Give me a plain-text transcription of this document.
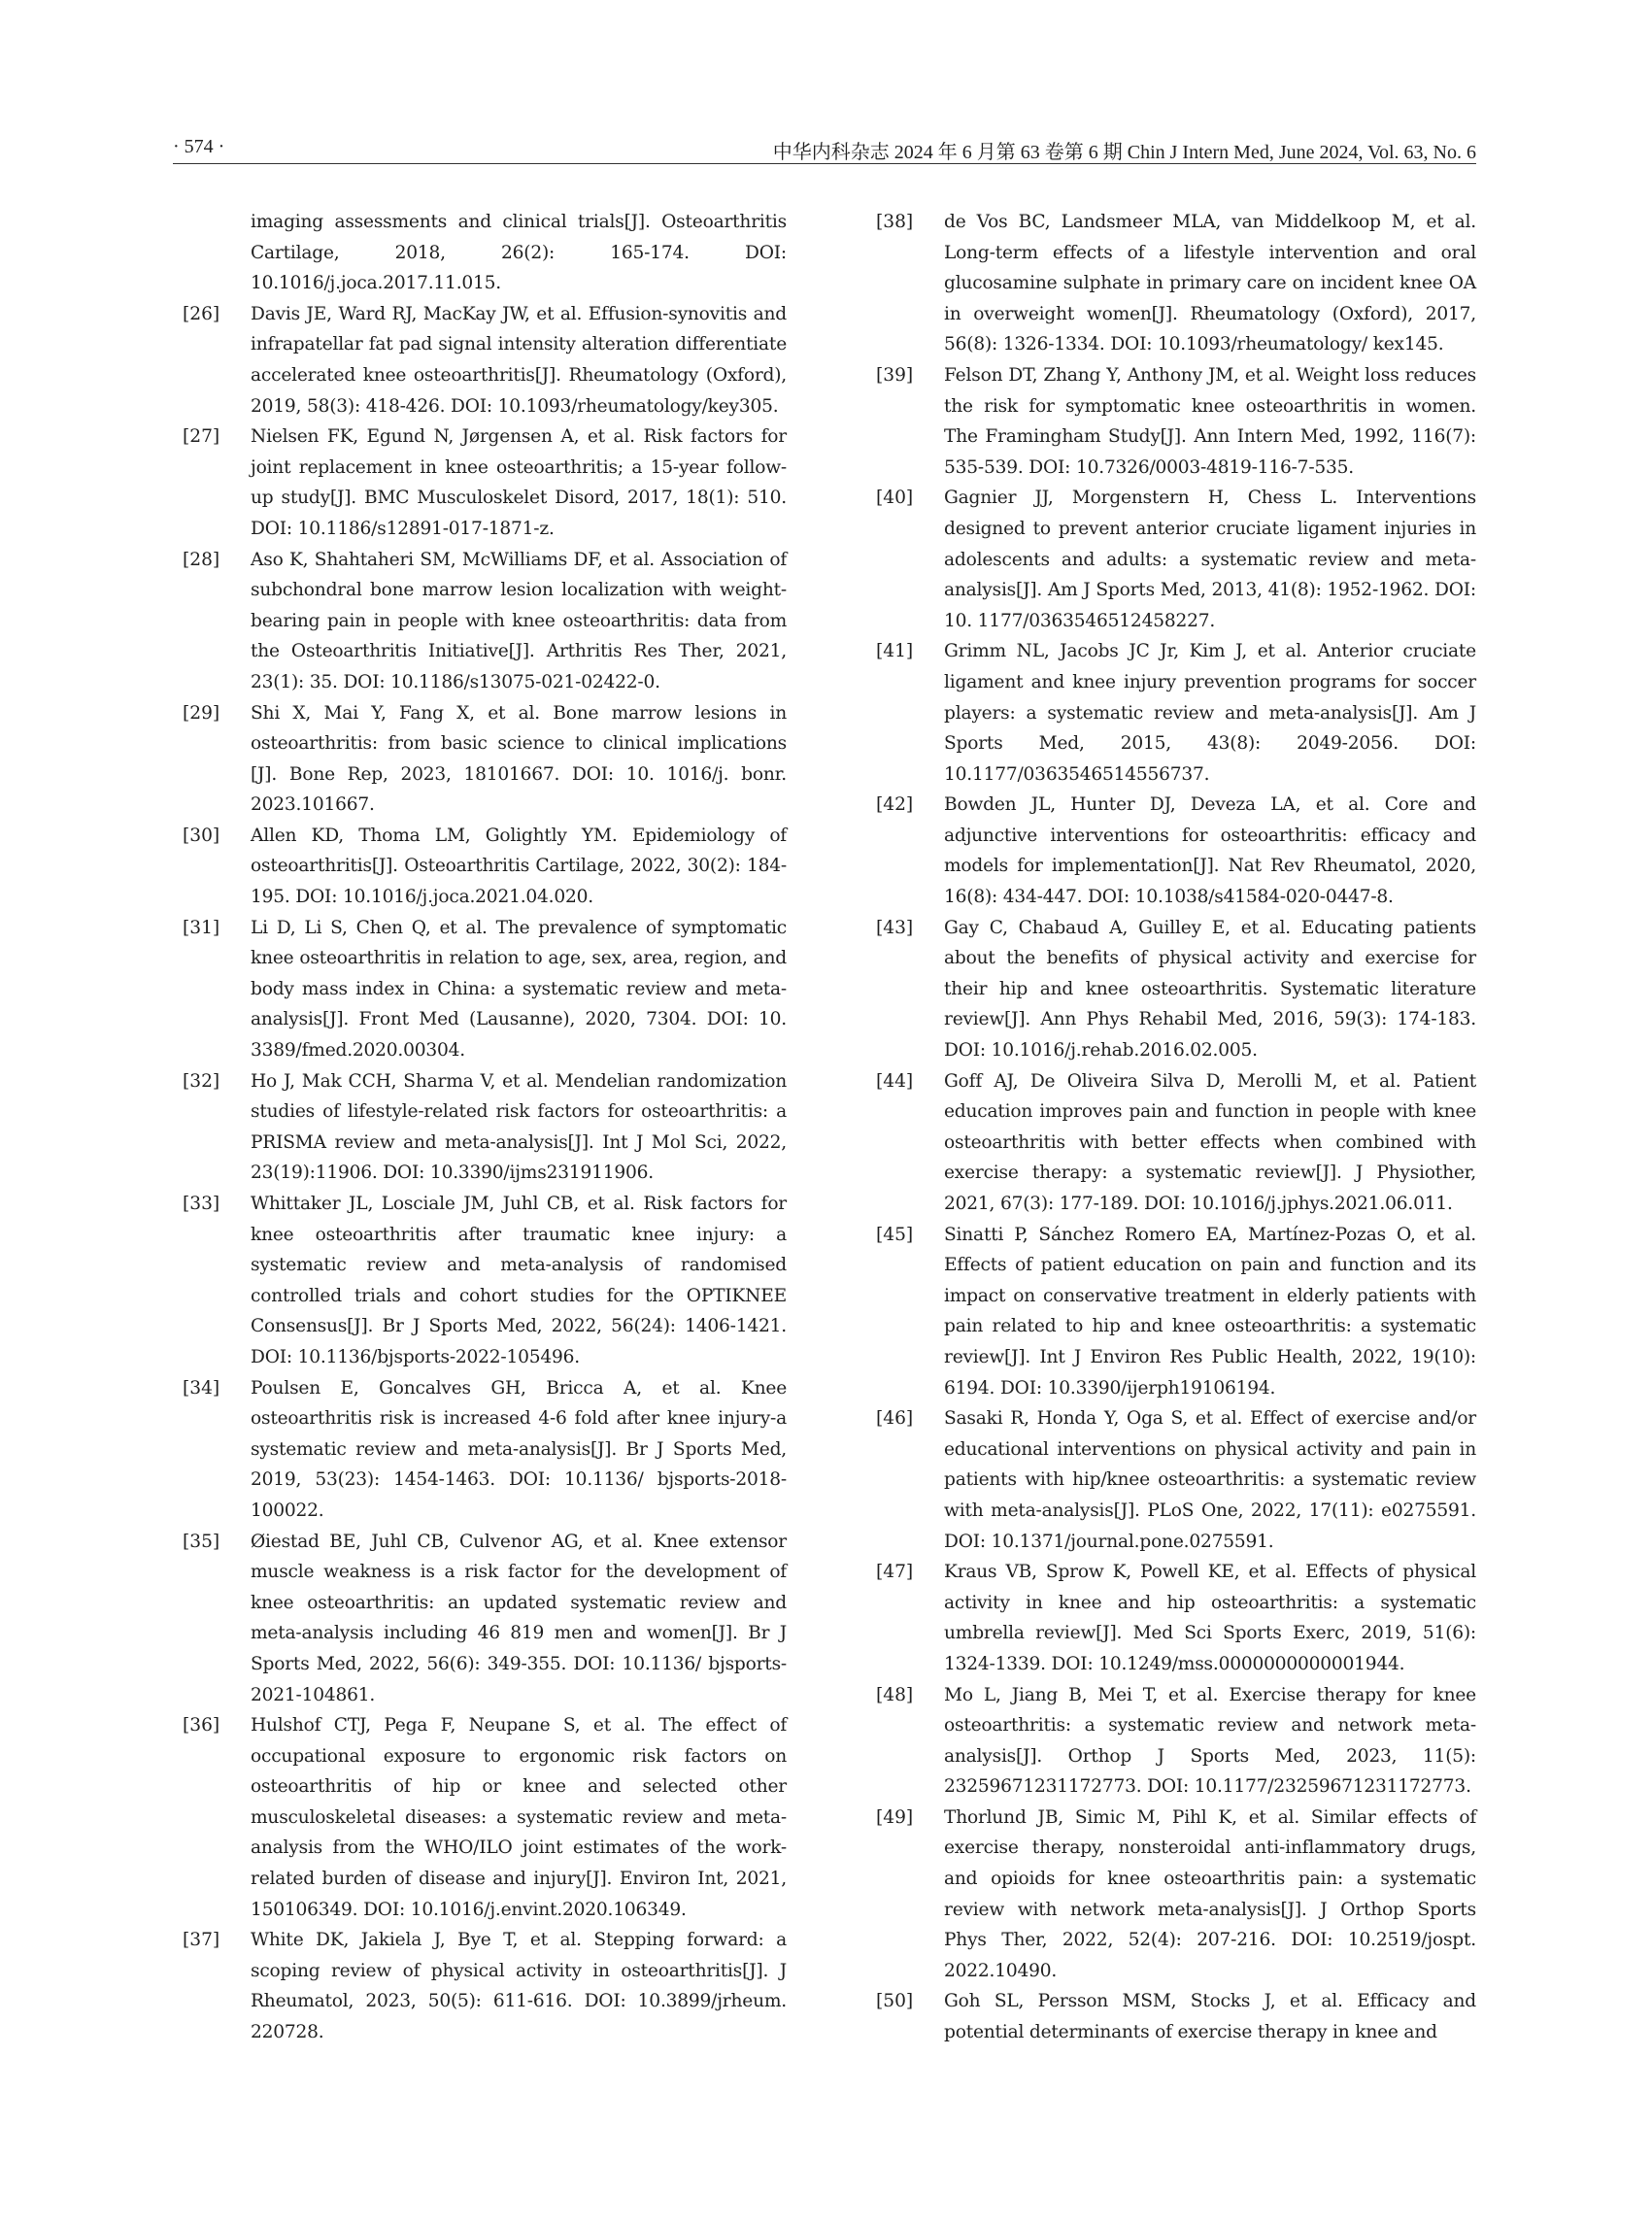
· 574 ·	中华内科杂志 2024 年 6 月第 63 卷第 6 期 Chin J Intern Med, June 2024, Vol. 63, No. 6
imaging assessments and clinical trials[J]. Osteoarthritis Cartilage, 2018, 26(2): 165-174. DOI: 10.1016/j.joca.2017.11.015.
[26] Davis JE, Ward RJ, MacKay JW, et al. Effusion-synovitis and infrapatellar fat pad signal intensity alteration differentiate accelerated knee osteoarthritis[J]. Rheumatology (Oxford), 2019, 58(3): 418-426. DOI: 10.1093/rheumatology/key305.
[27] Nielsen FK, Egund N, Jørgensen A, et al. Risk factors for joint replacement in knee osteoarthritis; a 15-year follow-up study[J]. BMC Musculoskelet Disord, 2017, 18(1): 510. DOI: 10.1186/s12891-017-1871-z.
[28] Aso K, Shahtaheri SM, McWilliams DF, et al. Association of subchondral bone marrow lesion localization with weight-bearing pain in people with knee osteoarthritis: data from the Osteoarthritis Initiative[J]. Arthritis Res Ther, 2021, 23(1): 35. DOI: 10.1186/s13075-021-02422-0.
[29] Shi X, Mai Y, Fang X, et al. Bone marrow lesions in osteoarthritis: from basic science to clinical implications [J]. Bone Rep, 2023, 18101667. DOI: 10. 1016/j. bonr. 2023.101667.
[30] Allen KD, Thoma LM, Golightly YM. Epidemiology of osteoarthritis[J]. Osteoarthritis Cartilage, 2022, 30(2): 184-195. DOI: 10.1016/j.joca.2021.04.020.
[31] Li D, Li S, Chen Q, et al. The prevalence of symptomatic knee osteoarthritis in relation to age, sex, area, region, and body mass index in China: a systematic review and meta-analysis[J]. Front Med (Lausanne), 2020, 7304. DOI: 10. 3389/fmed.2020.00304.
[32] Ho J, Mak CCH, Sharma V, et al. Mendelian randomization studies of lifestyle-related risk factors for osteoarthritis: a PRISMA review and meta-analysis[J]. Int J Mol Sci, 2022, 23(19):11906. DOI: 10.3390/ijms231911906.
[33] Whittaker JL, Losciale JM, Juhl CB, et al. Risk factors for knee osteoarthritis after traumatic knee injury: a systematic review and meta-analysis of randomised controlled trials and cohort studies for the OPTIKNEE Consensus[J]. Br J Sports Med, 2022, 56(24): 1406-1421. DOI: 10.1136/bjsports-2022-105496.
[34] Poulsen E, Goncalves GH, Bricca A, et al. Knee osteoarthritis risk is increased 4-6 fold after knee injury-a systematic review and meta-analysis[J]. Br J Sports Med, 2019, 53(23): 1454-1463. DOI: 10.1136/ bjsports-2018-100022.
[35] Øiestad BE, Juhl CB, Culvenor AG, et al. Knee extensor muscle weakness is a risk factor for the development of knee osteoarthritis: an updated systematic review and meta-analysis including 46 819 men and women[J]. Br J Sports Med, 2022, 56(6): 349-355. DOI: 10.1136/ bjsports-2021-104861.
[36] Hulshof CTJ, Pega F, Neupane S, et al. The effect of occupational exposure to ergonomic risk factors on osteoarthritis of hip or knee and selected other musculoskeletal diseases: a systematic review and meta-analysis from the WHO/ILO joint estimates of the work-related burden of disease and injury[J]. Environ Int, 2021, 150106349. DOI: 10.1016/j.envint.2020.106349.
[37] White DK, Jakiela J, Bye T, et al. Stepping forward: a scoping review of physical activity in osteoarthritis[J]. J Rheumatol, 2023, 50(5): 611-616. DOI: 10.3899/jrheum. 220728.
[38] de Vos BC, Landsmeer MLA, van Middelkoop M, et al. Long-term effects of a lifestyle intervention and oral glucosamine sulphate in primary care on incident knee OA in overweight women[J]. Rheumatology (Oxford), 2017, 56(8): 1326-1334. DOI: 10.1093/rheumatology/ kex145.
[39] Felson DT, Zhang Y, Anthony JM, et al. Weight loss reduces the risk for symptomatic knee osteoarthritis in women. The Framingham Study[J]. Ann Intern Med, 1992, 116(7): 535-539. DOI: 10.7326/0003-4819-116-7-535.
[40] Gagnier JJ, Morgenstern H, Chess L. Interventions designed to prevent anterior cruciate ligament injuries in adolescents and adults: a systematic review and meta-analysis[J]. Am J Sports Med, 2013, 41(8): 1952-1962. DOI: 10. 1177/0363546512458227.
[41] Grimm NL, Jacobs JC Jr, Kim J, et al. Anterior cruciate ligament and knee injury prevention programs for soccer players: a systematic review and meta-analysis[J]. Am J Sports Med, 2015, 43(8): 2049-2056. DOI: 10.1177/0363546514556737.
[42] Bowden JL, Hunter DJ, Deveza LA, et al. Core and adjunctive interventions for osteoarthritis: efficacy and models for implementation[J]. Nat Rev Rheumatol, 2020, 16(8): 434-447. DOI: 10.1038/s41584-020-0447-8.
[43] Gay C, Chabaud A, Guilley E, et al. Educating patients about the benefits of physical activity and exercise for their hip and knee osteoarthritis. Systematic literature review[J]. Ann Phys Rehabil Med, 2016, 59(3): 174-183. DOI: 10.1016/j.rehab.2016.02.005.
[44] Goff AJ, De Oliveira Silva D, Merolli M, et al. Patient education improves pain and function in people with knee osteoarthritis with better effects when combined with exercise therapy: a systematic review[J]. J Physiother, 2021, 67(3): 177-189. DOI: 10.1016/j.jphys.2021.06.011.
[45] Sinatti P, Sánchez Romero EA, Martínez-Pozas O, et al. Effects of patient education on pain and function and its impact on conservative treatment in elderly patients with pain related to hip and knee osteoarthritis: a systematic review[J]. Int J Environ Res Public Health, 2022, 19(10): 6194. DOI: 10.3390/ijerph19106194.
[46] Sasaki R, Honda Y, Oga S, et al. Effect of exercise and/or educational interventions on physical activity and pain in patients with hip/knee osteoarthritis: a systematic review with meta-analysis[J]. PLoS One, 2022, 17(11): e0275591. DOI: 10.1371/journal.pone.0275591.
[47] Kraus VB, Sprow K, Powell KE, et al. Effects of physical activity in knee and hip osteoarthritis: a systematic umbrella review[J]. Med Sci Sports Exerc, 2019, 51(6): 1324-1339. DOI: 10.1249/mss.0000000000001944.
[48] Mo L, Jiang B, Mei T, et al. Exercise therapy for knee osteoarthritis: a systematic review and network meta-analysis[J]. Orthop J Sports Med, 2023, 11(5): 23259671231172773. DOI: 10.1177/23259671231172773.
[49] Thorlund JB, Simic M, Pihl K, et al. Similar effects of exercise therapy, nonsteroidal anti-inflammatory drugs, and opioids for knee osteoarthritis pain: a systematic review with network meta-analysis[J]. J Orthop Sports Phys Ther, 2022, 52(4): 207-216. DOI: 10.2519/jospt. 2022.10490.
[50] Goh SL, Persson MSM, Stocks J, et al. Efficacy and potential determinants of exercise therapy in knee and
